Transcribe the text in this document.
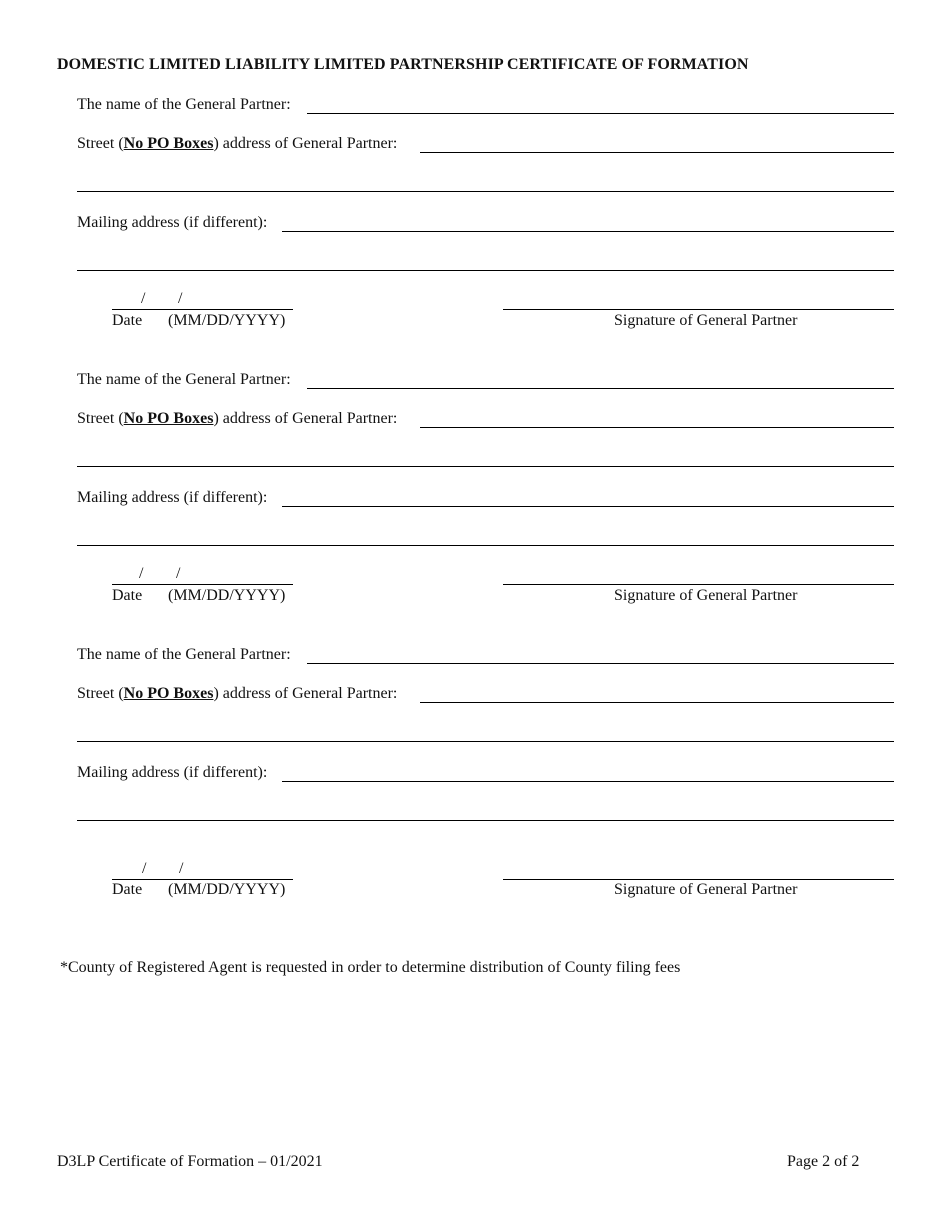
DOMESTIC LIMITED LIABILITY LIMITED PARTNERSHIP CERTIFICATE OF FORMATION
The name of the General Partner:
Street (No PO Boxes) address of General Partner:
Mailing address (if different):
/ /
Date (MM/DD/YYYY)	Signature of General Partner
The name of the General Partner:
Street (No PO Boxes) address of General Partner:
Mailing address (if different):
/ /
Date (MM/DD/YYYY)	Signature of General Partner
The name of the General Partner:
Street (No PO Boxes) address of General Partner:
Mailing address (if different):
/ /
Date (MM/DD/YYYY)	Signature of General Partner
*County of Registered Agent is requested in order to determine distribution of County filing fees
D3LP Certificate of Formation – 01/2021	Page 2 of 2
